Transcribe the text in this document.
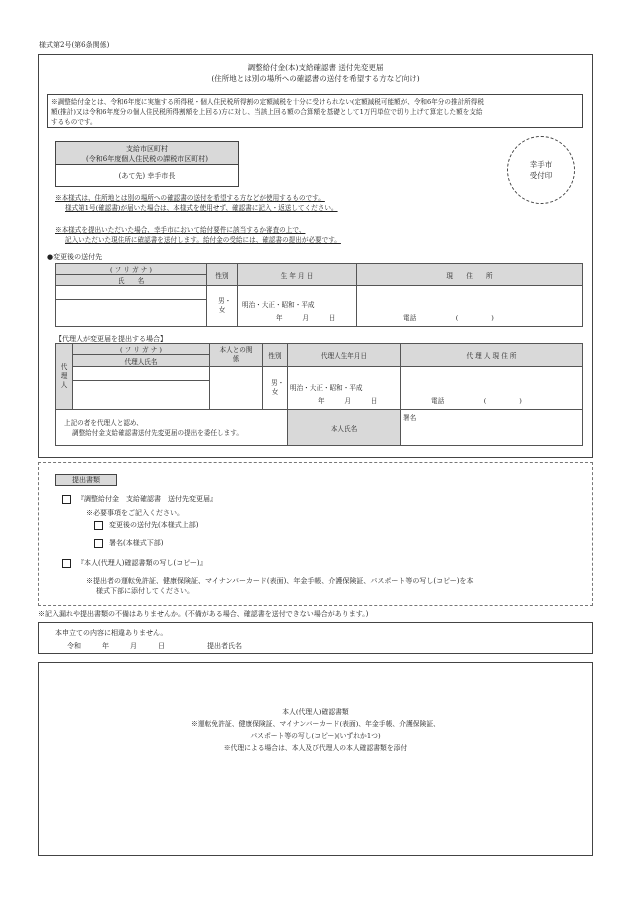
様式第2号(第6条関係)
調整給付金(本)支給確認書 送付先変更届
(住所地とは別の場所への確認書の送付を希望する方など向け)
※調整給付金とは、令和6年度に実施する所得税・個人住民税所得割の定額減税を十分に受けられない(定額減税可能額が、令和6年分の推計所得税
額(推計)又は令和6年度分の個人住民税所得割額を上回る)方に対し、当該上回る額の合算額を基礎として1万円単位で切り上げて算定した額を支給
するものです。
支給市区町村
(令和6年度個人住民税の課税市区町村)
(あて先) 幸手市長
幸手市
受付印
※本様式は、住所地とは別の場所への確認書の送付を希望する方などが使用するものです。
様式第1号(確認書)が届いた場合は、本様式を使用せず、確認書に記入・返送してください。
※本様式を提出いただいた場合、幸手市において給付要件に該当するか審査の上で、
記入いただいた現住所に確認書を送付します。給付金の受給には、確認書の提出が必要です。
●変更後の送付先
( フ リ ガ ナ )	性別	生 年 月 日	現　　住　　所
氏　　名			
	男・女	明治・大正・昭和・平成
年　　　月　　　日	電話　　　　　　(　　　　　)

【代理人が変更届を提出する場合】
代理人	( フ リ ガ ナ )	本人との関係	性別	代理人生年月日	代 理 人 現 住 所
	代理人氏名				
			男・女	明治・大正・昭和・平成
年　　　月　　　日	電話　　　　　　(　　　　　)

上記の者を代理人と認め、
調整給付金支給確認書送付先変更届の提出を委任します。				本人氏名	署名
提出書類
『調整給付金　支給確認書　送付先変更届』
※必要事項をご記入ください。
変更後の送付先(本様式上部)
署名(本様式下部)
『本人(代理人)確認書類の写し(コピー)』
※提出者の運転免許証、健康保険証、マイナンバーカード(表面)、年金手帳、介護保険証、パスポート等の写し(コピー)を本
様式下部に添付してください。
※記入漏れや提出書類の不備はありませんか。(不備がある場合、確認書を送付できない場合があります。)
本申立ての内容に相違ありません。
令和　　　年　　　月　　　日	提出者氏名
本人(代理人)確認書類
※運転免許証、健康保険証、マイナンバーカード(表面)、年金手帳、介護保険証、
パスポート等の写し(コピー)(いずれか1つ)
※代理による場合は、本人及び代理人の本人確認書類を添付
